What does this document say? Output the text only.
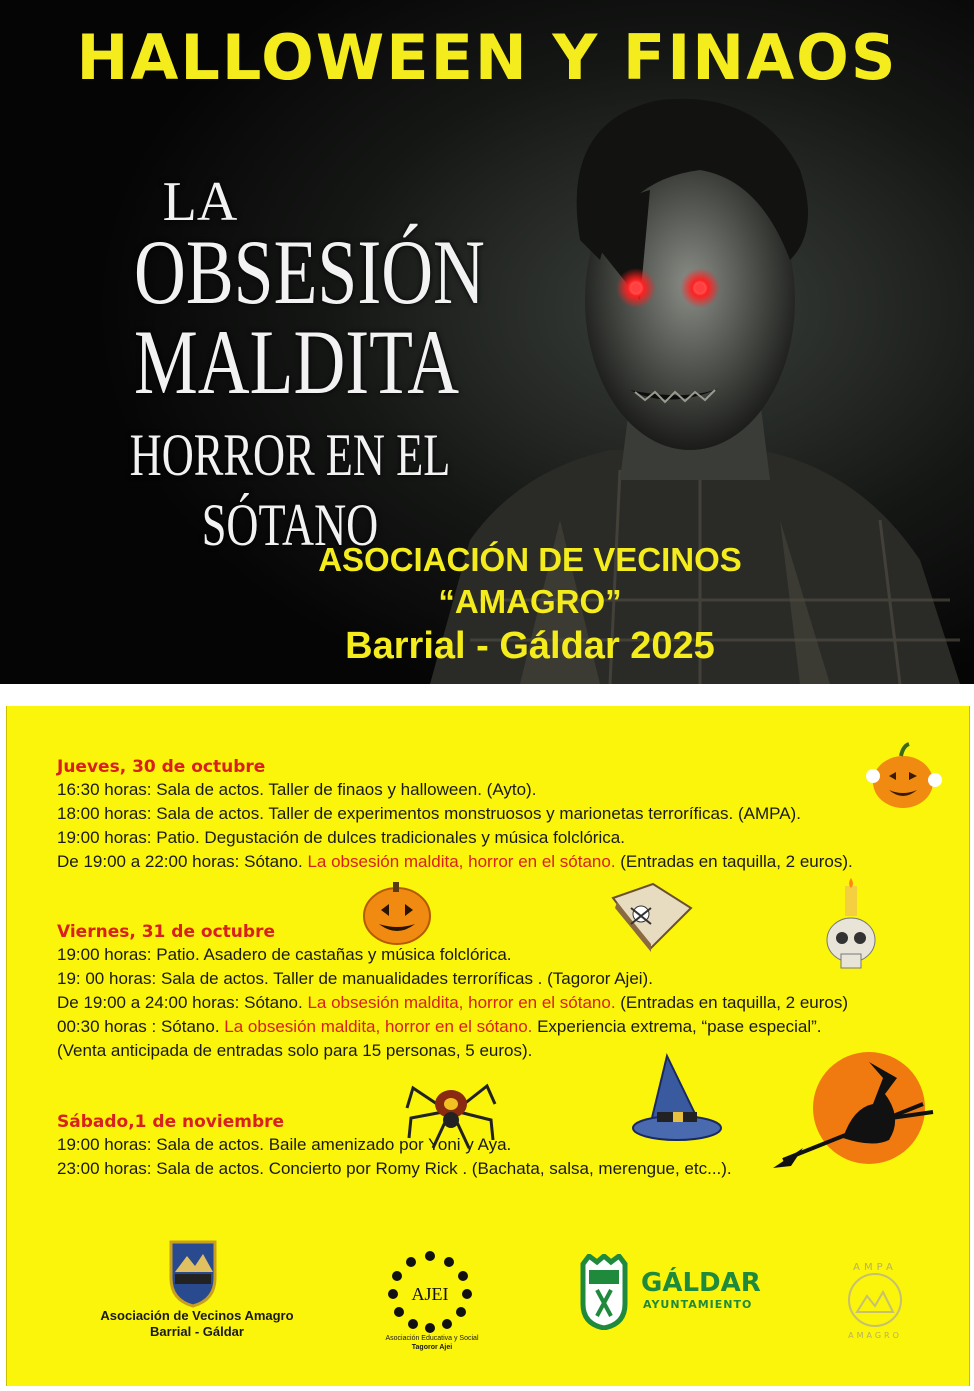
HALLOWEEN Y FINAOS
LA
OBSESIÓN
MALDITA
HORROR EN EL SÓTANO
ASOCIACIÓN DE VECINOS
“AMAGRO”
Barrial - Gáldar 2025
Jueves, 30 de octubre
16:30 horas: Sala de actos. Taller de finaos y halloween. (Ayto).
18:00 horas: Sala de actos. Taller de experimentos monstruosos y marionetas terroríficas. (AMPA).
19:00 horas: Patio. Degustación de dulces tradicionales y música folclórica.
De 19:00 a 22:00 horas: Sótano. La obsesión maldita, horror en el sótano. (Entradas en taquilla, 2 euros).
Viernes, 31 de octubre
19:00 horas: Patio. Asadero de castañas y música folclórica.
19: 00 horas: Sala de actos. Taller de manualidades terroríficas . (Tagoror Ajei).
De 19:00 a 24:00 horas: Sótano. La obsesión maldita, horror en el sótano. (Entradas en taquilla, 2 euros)
00:30 horas : Sótano. La obsesión maldita, horror en el sótano. Experiencia extrema, “pase especial”.
(Venta anticipada de entradas solo para 15 personas, 5 euros).
Sábado,1 de noviembre
19:00 horas: Sala de actos. Baile amenizado por Yoni y Aya.
23:00 horas: Sala de actos. Concierto por Romy Rick . (Bachata, salsa, merengue, etc...).
Asociación de Vecinos Amagro
Barrial - Gáldar
AJEI
Asociación Educativa y Social
Tagoror Ajei
GÁLDAR
AYUNTAMIENTO
AMPA
AMAGRO
